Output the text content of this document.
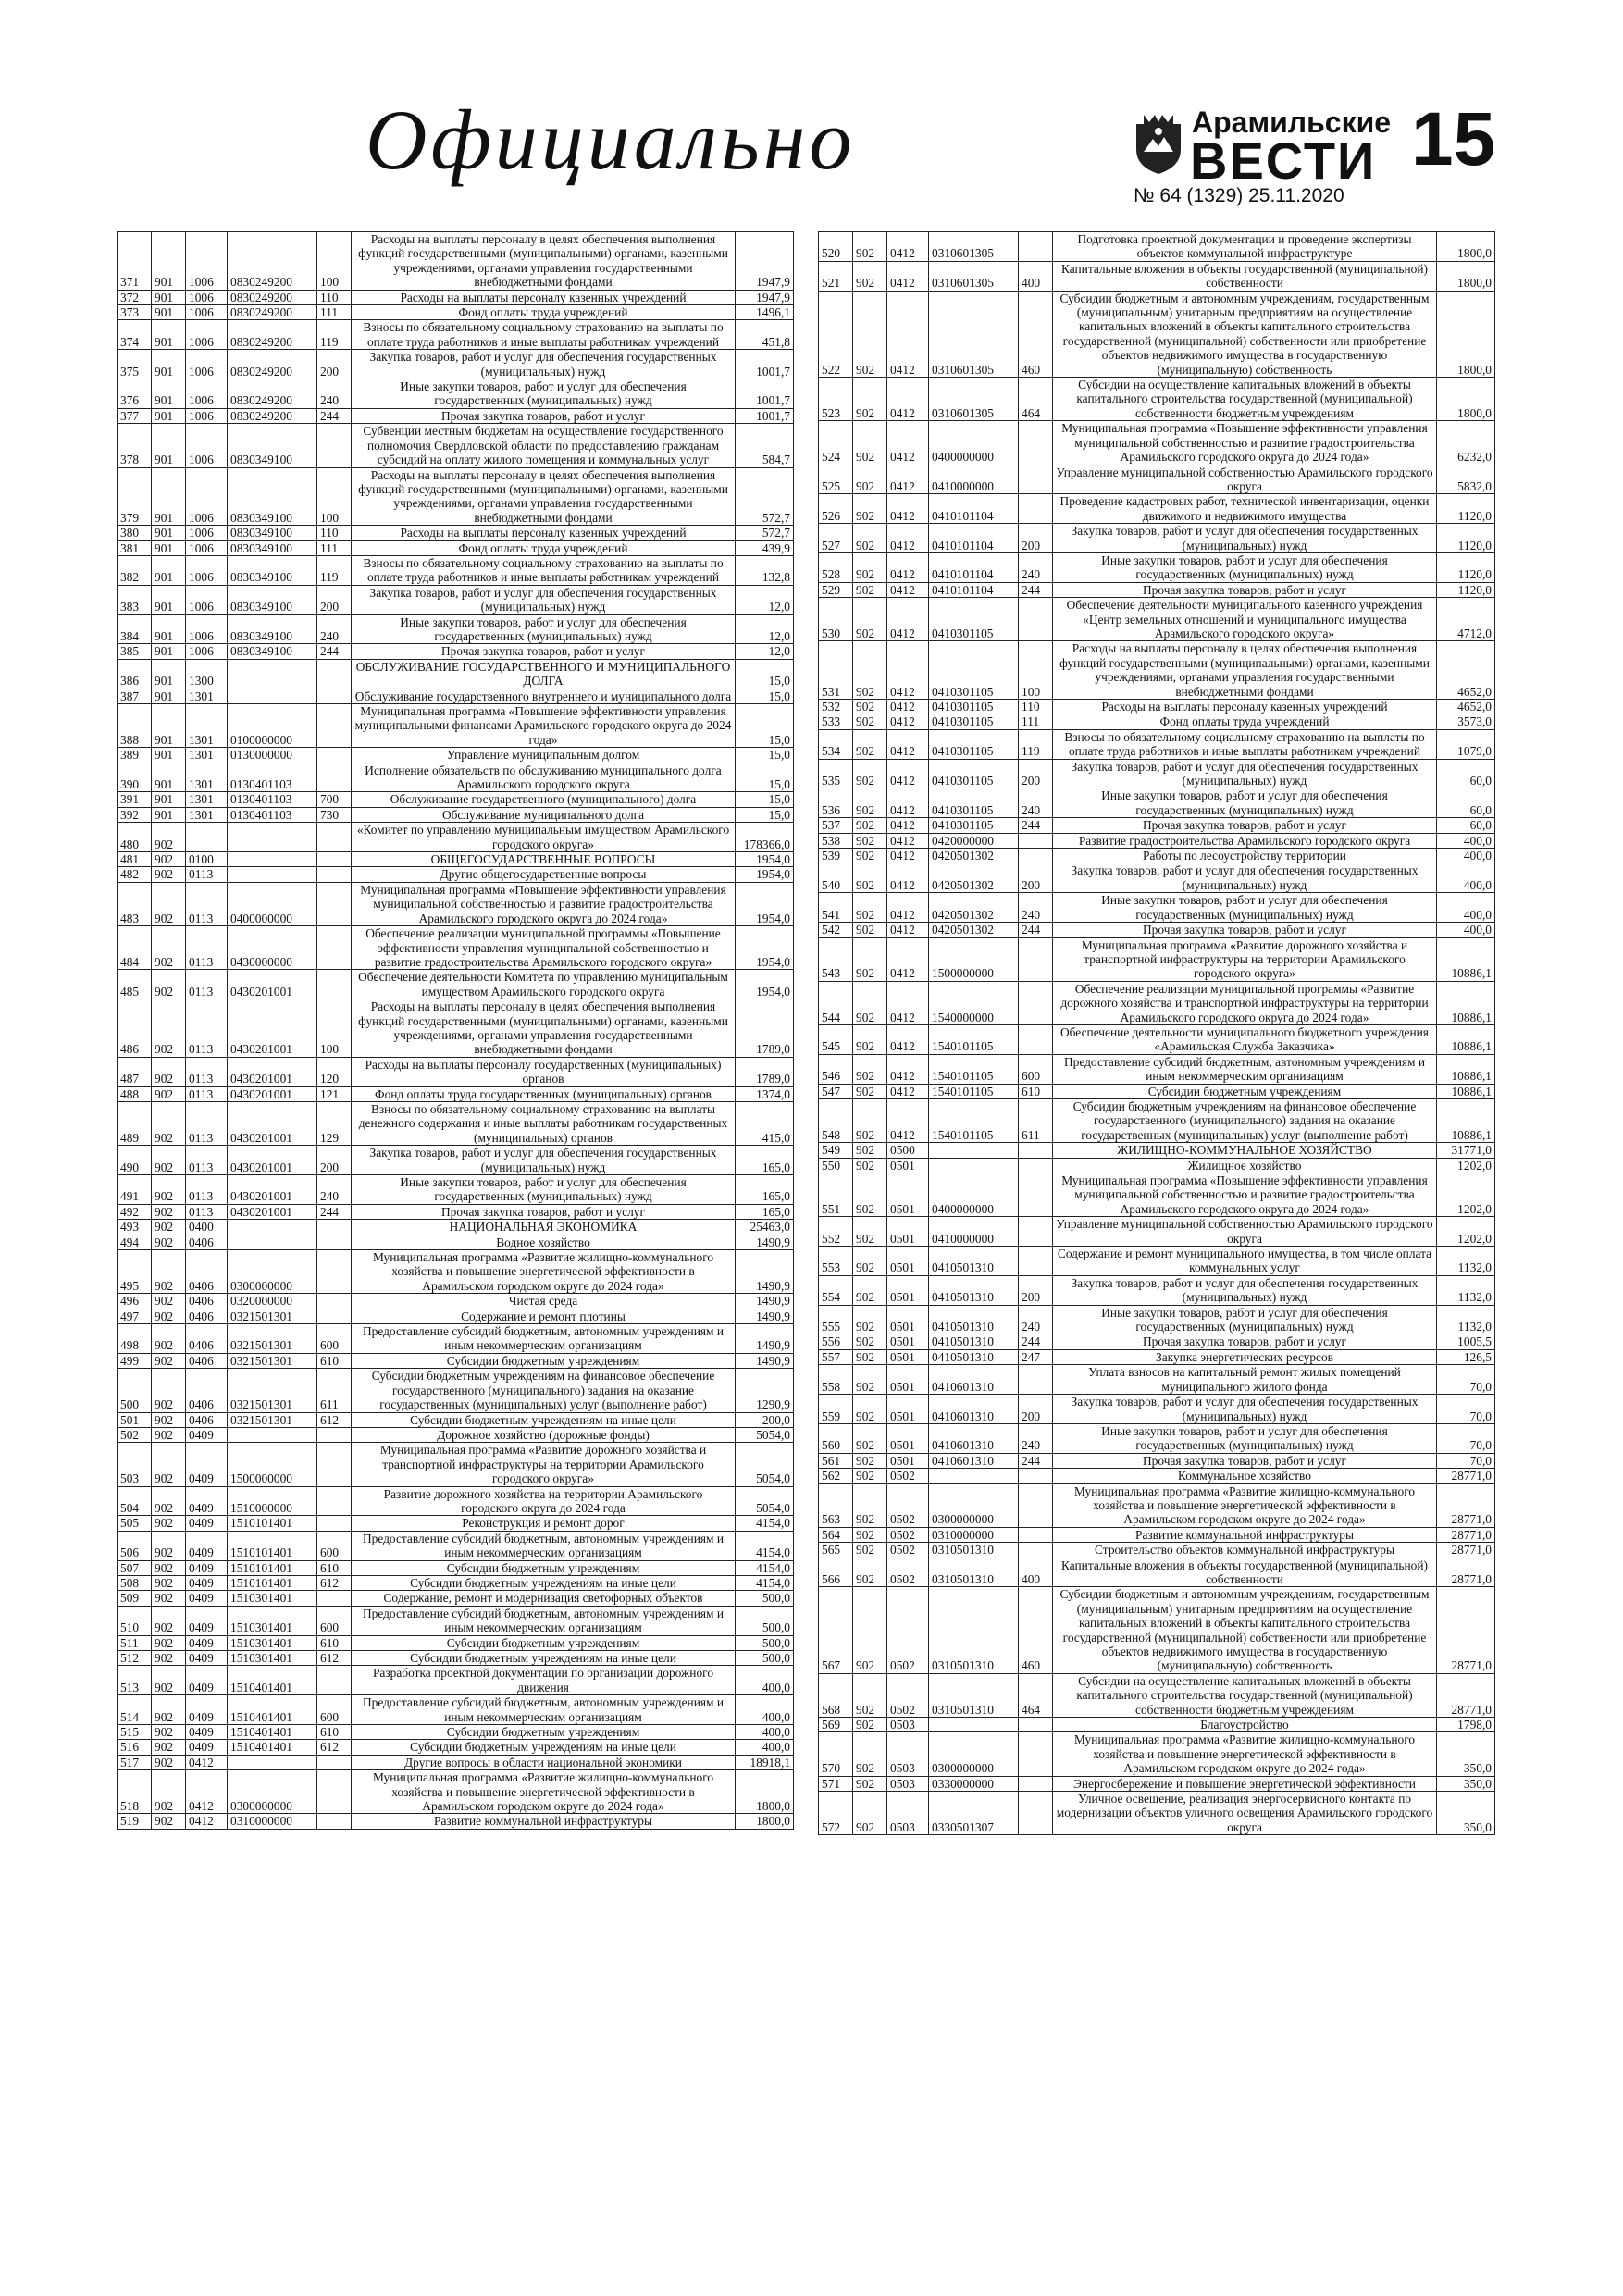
Официально	Арамильские
ВЕСТИ
№ 64 (1329) 25.11.2020
15
371	901	1006	0830249200	100	Расходы на выплаты персоналу в целях обеспечения выполнения функций государственными (муниципальными) органами, казенными учреждениями, органами управления государственными внебюджетными фондами	1947,9
372	901	1006	0830249200	110	Расходы на выплаты персоналу казенных учреждений	1947,9
373	901	1006	0830249200	111	Фонд оплаты труда учреждений	1496,1
374	901	1006	0830249200	119	Взносы по обязательному социальному страхованию на выплаты по оплате труда работников и иные выплаты работникам учреждений	451,8
375	901	1006	0830249200	200	Закупка товаров, работ и услуг для обеспечения государственных (муниципальных) нужд	1001,7
376	901	1006	0830249200	240	Иные закупки товаров, работ и услуг для обеспечения государственных (муниципальных) нужд	1001,7
377	901	1006	0830249200	244	Прочая закупка товаров, работ и услуг	1001,7
378	901	1006	0830349100		Субвенции местным бюджетам на осуществление государственного полномочия Свердловской области по предоставлению гражданам субсидий на оплату жилого помещения и коммунальных услуг	584,7
379	901	1006	0830349100	100	Расходы на выплаты персоналу в целях обеспечения выполнения функций государственными (муниципальными) органами, казенными учреждениями, органами управления государственными внебюджетными фондами	572,7
380	901	1006	0830349100	110	Расходы на выплаты персоналу казенных учреждений	572,7
381	901	1006	0830349100	111	Фонд оплаты труда учреждений	439,9
382	901	1006	0830349100	119	Взносы по обязательному социальному страхованию на выплаты по оплате труда работников и иные выплаты работникам учреждений	132,8
383	901	1006	0830349100	200	Закупка товаров, работ и услуг для обеспечения государственных (муниципальных) нужд	12,0
384	901	1006	0830349100	240	Иные закупки товаров, работ и услуг для обеспечения государственных (муниципальных) нужд	12,0
385	901	1006	0830349100	244	Прочая закупка товаров, работ и услуг	12,0
386	901	1300			ОБСЛУЖИВАНИЕ ГОСУДАРСТВЕННОГО И МУНИЦИПАЛЬНОГО ДОЛГА	15,0
387	901	1301			Обслуживание государственного внутреннего и муниципального долга	15,0
388	901	1301	0100000000		Муниципальная программа «Повышение эффективности управления муниципальными финансами Арамильского городского округа до 2024 года»	15,0
389	901	1301	0130000000		Управление муниципальным долгом	15,0
390	901	1301	0130401103		Исполнение обязательств по обслуживанию муниципального долга Арамильского городского округа	15,0
391	901	1301	0130401103	700	Обслуживание государственного (муниципального) долга	15,0
392	901	1301	0130401103	730	Обслуживание муниципального долга	15,0
480	902				«Комитет по управлению муниципальным имуществом Арамильского городского округа»	178366,0
481	902	0100			ОБЩЕГОСУДАРСТВЕННЫЕ ВОПРОСЫ	1954,0
482	902	0113			Другие общегосударственные вопросы	1954,0
483	902	0113	0400000000		Муниципальная программа «Повышение эффективности управления муниципальной собственностью и развитие градостроительства Арамильского городского округа до 2024 года»	1954,0
484	902	0113	0430000000		Обеспечение реализации муниципальной программы «Повышение эффективности управления муниципальной собственностью и развитие градостроительства Арамильского городского округа»	1954,0
485	902	0113	0430201001		Обеспечение деятельности Комитета по управлению муниципальным имуществом Арамильского городского округа	1954,0
486	902	0113	0430201001	100	Расходы на выплаты персоналу в целях обеспечения выполнения функций государственными (муниципальными) органами, казенными учреждениями, органами управления государственными внебюджетными фондами	1789,0
487	902	0113	0430201001	120	Расходы на выплаты персоналу государственных (муниципальных) органов	1789,0
488	902	0113	0430201001	121	Фонд оплаты труда государственных (муниципальных) органов	1374,0
489	902	0113	0430201001	129	Взносы по обязательному социальному страхованию на выплаты денежного содержания и иные выплаты работникам государственных (муниципальных) органов	415,0
490	902	0113	0430201001	200	Закупка товаров, работ и услуг для обеспечения государственных (муниципальных) нужд	165,0
491	902	0113	0430201001	240	Иные закупки товаров, работ и услуг для обеспечения государственных (муниципальных) нужд	165,0
492	902	0113	0430201001	244	Прочая закупка товаров, работ и услуг	165,0
493	902	0400			НАЦИОНАЛЬНАЯ ЭКОНОМИКА	25463,0
494	902	0406			Водное хозяйство	1490,9
495	902	0406	0300000000		Муниципальная программа «Развитие жилищно-коммунального хозяйства и повышение энергетической эффективности в Арамильском городском округе до 2024 года»	1490,9
496	902	0406	0320000000		Чистая среда	1490,9
497	902	0406	0321501301		Содержание и ремонт плотины	1490,9
498	902	0406	0321501301	600	Предоставление субсидий бюджетным, автономным учреждениям и иным некоммерческим организациям	1490,9
499	902	0406	0321501301	610	Субсидии бюджетным учреждениям	1490,9
500	902	0406	0321501301	611	Субсидии бюджетным учреждениям на финансовое обеспечение государственного (муниципального) задания на оказание государственных (муниципальных) услуг (выполнение работ)	1290,9
501	902	0406	0321501301	612	Субсидии бюджетным учреждениям на иные цели	200,0
502	902	0409			Дорожное хозяйство (дорожные фонды)	5054,0
503	902	0409	1500000000		Муниципальная программа «Развитие дорожного хозяйства и транспортной инфраструктуры на территории Арамильского городского округа»	5054,0
504	902	0409	1510000000		Развитие дорожного хозяйства на территории Арамильского городского округа до 2024 года	5054,0
505	902	0409	1510101401		Реконструкция и ремонт дорог	4154,0
506	902	0409	1510101401	600	Предоставление субсидий бюджетным, автономным учреждениям и иным некоммерческим организациям	4154,0
507	902	0409	1510101401	610	Субсидии бюджетным учреждениям	4154,0
508	902	0409	1510101401	612	Субсидии бюджетным учреждениям на иные цели	4154,0
509	902	0409	1510301401		Содержание, ремонт и модернизация светофорных объектов	500,0
510	902	0409	1510301401	600	Предоставление субсидий бюджетным, автономным учреждениям и иным некоммерческим организациям	500,0
511	902	0409	1510301401	610	Субсидии бюджетным учреждениям	500,0
512	902	0409	1510301401	612	Субсидии бюджетным учреждениям на иные цели	500,0
513	902	0409	1510401401		Разработка проектной документации по организации дорожного движения	400,0
514	902	0409	1510401401	600	Предоставление субсидий бюджетным, автономным учреждениям и иным некоммерческим организациям	400,0
515	902	0409	1510401401	610	Субсидии бюджетным учреждениям	400,0
516	902	0409	1510401401	612	Субсидии бюджетным учреждениям на иные цели	400,0
517	902	0412			Другие вопросы в области национальной экономики	18918,1
518	902	0412	0300000000		Муниципальная программа «Развитие жилищно-коммунального хозяйства и повышение энергетической эффективности в Арамильском городском округе до 2024 года»	1800,0
519	902	0412	0310000000		Развитие коммунальной инфраструктуры	1800,0
520	902	0412	0310601305		Подготовка проектной документации и проведение экспертизы объектов коммунальной инфраструктуре	1800,0
521	902	0412	0310601305	400	Капитальные вложения в объекты государственной (муниципальной) собственности	1800,0
522	902	0412	0310601305	460	Субсидии бюджетным и автономным учреждениям, государственным (муниципальным) унитарным предприятиям на осуществление капитальных вложений в объекты капитального строительства государственной (муниципальной) собственности или приобретение объектов недвижимого имущества в государственную (муниципальную) собственность	1800,0
523	902	0412	0310601305	464	Субсидии на осуществление капитальных вложений в объекты капитального строительства государственной (муниципальной) собственности бюджетным учреждениям	1800,0
524	902	0412	0400000000		Муниципальная программа «Повышение эффективности управления муниципальной собственностью и развитие градостроительства Арамильского городского округа до 2024 года»	6232,0
525	902	0412	0410000000		Управление муниципальной собственностью Арамильского городского округа	5832,0
526	902	0412	0410101104		Проведение кадастровых работ, технической инвентаризации, оценки движимого и недвижимого имущества	1120,0
527	902	0412	0410101104	200	Закупка товаров, работ и услуг для обеспечения государственных (муниципальных) нужд	1120,0
528	902	0412	0410101104	240	Иные закупки товаров, работ и услуг для обеспечения государственных (муниципальных) нужд	1120,0
529	902	0412	0410101104	244	Прочая закупка товаров, работ и услуг	1120,0
530	902	0412	0410301105		Обеспечение деятельности муниципального казенного учреждения «Центр земельных отношений и муниципального имущества Арамильского городского округа»	4712,0
531	902	0412	0410301105	100	Расходы на выплаты персоналу в целях обеспечения выполнения функций государственными (муниципальными) органами, казенными учреждениями, органами управления государственными внебюджетными фондами	4652,0
532	902	0412	0410301105	110	Расходы на выплаты персоналу казенных учреждений	4652,0
533	902	0412	0410301105	111	Фонд оплаты труда учреждений	3573,0
534	902	0412	0410301105	119	Взносы по обязательному социальному страхованию на выплаты по оплате труда работников и иные выплаты работникам учреждений	1079,0
535	902	0412	0410301105	200	Закупка товаров, работ и услуг для обеспечения государственных (муниципальных) нужд	60,0
536	902	0412	0410301105	240	Иные закупки товаров, работ и услуг для обеспечения государственных (муниципальных) нужд	60,0
537	902	0412	0410301105	244	Прочая закупка товаров, работ и услуг	60,0
538	902	0412	0420000000		Развитие градостроительства Арамильского городского округа	400,0
539	902	0412	0420501302		Работы по лесоустройству территории	400,0
540	902	0412	0420501302	200	Закупка товаров, работ и услуг для обеспечения государственных (муниципальных) нужд	400,0
541	902	0412	0420501302	240	Иные закупки товаров, работ и услуг для обеспечения государственных (муниципальных) нужд	400,0
542	902	0412	0420501302	244	Прочая закупка товаров, работ и услуг	400,0
543	902	0412	1500000000		Муниципальная программа «Развитие дорожного хозяйства и транспортной инфраструктуры на территории Арамильского городского округа»	10886,1
544	902	0412	1540000000		Обеспечение реализации муниципальной программы «Развитие дорожного хозяйства и транспортной инфраструктуры на территории Арамильского городского округа до 2024 года»	10886,1
545	902	0412	1540101105		Обеспечение деятельности муниципального бюджетного учреждения «Арамильская Служба Заказчика»	10886,1
546	902	0412	1540101105	600	Предоставление субсидий бюджетным, автономным учреждениям и иным некоммерческим организациям	10886,1
547	902	0412	1540101105	610	Субсидии бюджетным учреждениям	10886,1
548	902	0412	1540101105	611	Субсидии бюджетным учреждениям на финансовое обеспечение государственного (муниципального) задания на оказание государственных (муниципальных) услуг (выполнение работ)	10886,1
549	902	0500			ЖИЛИЩНО-КОММУНАЛЬНОЕ ХОЗЯЙСТВО	31771,0
550	902	0501			Жилищное хозяйство	1202,0
551	902	0501	0400000000		Муниципальная программа «Повышение эффективности управления муниципальной собственностью и развитие градостроительства Арамильского городского округа до 2024 года»	1202,0
552	902	0501	0410000000		Управление муниципальной собственностью Арамильского городского округа	1202,0
553	902	0501	0410501310		Содержание и ремонт муниципального имущества, в том числе оплата коммунальных услуг	1132,0
554	902	0501	0410501310	200	Закупка товаров, работ и услуг для обеспечения государственных (муниципальных) нужд	1132,0
555	902	0501	0410501310	240	Иные закупки товаров, работ и услуг для обеспечения государственных (муниципальных) нужд	1132,0
556	902	0501	0410501310	244	Прочая закупка товаров, работ и услуг	1005,5
557	902	0501	0410501310	247	Закупка энергетических ресурсов	126,5
558	902	0501	0410601310		Уплата взносов на капитальный ремонт жилых помещений муниципального жилого фонда	70,0
559	902	0501	0410601310	200	Закупка товаров, работ и услуг для обеспечения государственных (муниципальных) нужд	70,0
560	902	0501	0410601310	240	Иные закупки товаров, работ и услуг для обеспечения государственных (муниципальных) нужд	70,0
561	902	0501	0410601310	244	Прочая закупка товаров, работ и услуг	70,0
562	902	0502			Коммунальное хозяйство	28771,0
563	902	0502	0300000000		Муниципальная программа «Развитие жилищно-коммунального хозяйства и повышение энергетической эффективности в Арамильском городском округе до 2024 года»	28771,0
564	902	0502	0310000000		Развитие коммунальной инфраструктуры	28771,0
565	902	0502	0310501310		Строительство объектов коммунальной инфраструктуры	28771,0
566	902	0502	0310501310	400	Капитальные вложения в объекты государственной (муниципальной) собственности	28771,0
567	902	0502	0310501310	460	Субсидии бюджетным и автономным учреждениям, государственным (муниципальным) унитарным предприятиям на осуществление капитальных вложений в объекты капитального строительства государственной (муниципальной) собственности или приобретение объектов недвижимого имущества в государственную (муниципальную) собственность	28771,0
568	902	0502	0310501310	464	Субсидии на осуществление капитальных вложений в объекты капитального строительства государственной (муниципальной) собственности бюджетным учреждениям	28771,0
569	902	0503			Благоустройство	1798,0
570	902	0503	0300000000		Муниципальная программа «Развитие жилищно-коммунального хозяйства и повышение энергетической эффективности в Арамильском городском округе до 2024 года»	350,0
571	902	0503	0330000000		Энергосбережение и повышение энергетической эффективности	350,0
572	902	0503	0330501307		Уличное освещение, реализация энергосервисного контакта по модернизации объектов уличного освещения Арамильского городского округа	350,0
